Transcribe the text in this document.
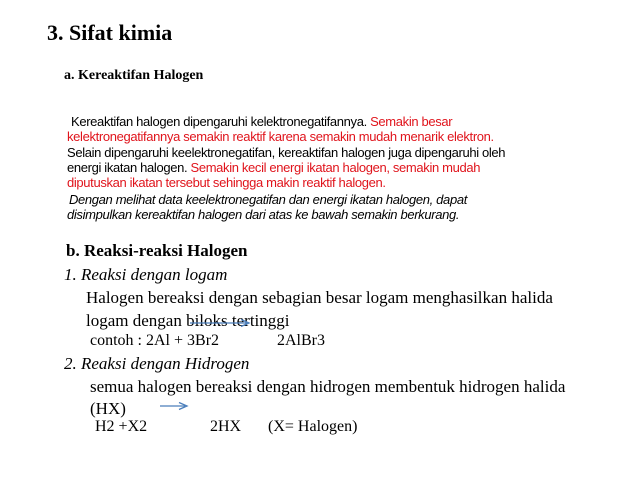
3. Sifat kimia
a. Kereaktifan Halogen
Kereaktifan halogen dipengaruhi kelektronegatifannya. Semakin besar
kelektronegatifannya semakin reaktif karena semakin mudah menarik elektron.
Selain dipengaruhi keelektronegatifan, kereaktifan halogen juga dipengaruhi oleh
energi ikatan halogen. Semakin kecil energi ikatan halogen, semakin mudah
diputuskan ikatan tersebut sehingga makin reaktif halogen.
Dengan melihat data keelektronegatifan dan energi ikatan halogen, dapat
disimpulkan kereaktifan halogen dari atas ke bawah semakin berkurang.
b. Reaksi-reaksi Halogen
1. Reaksi dengan logam
Halogen bereaksi dengan sebagian besar logam menghasilkan halida
logam dengan biloks tertinggi
contoh : 2Al + 3Br2	2AlBr3
2. Reaksi dengan Hidrogen
semua halogen bereaksi dengan hidrogen membentuk hidrogen halida
(HX)
H2 +X2	2HX (X= Halogen)
